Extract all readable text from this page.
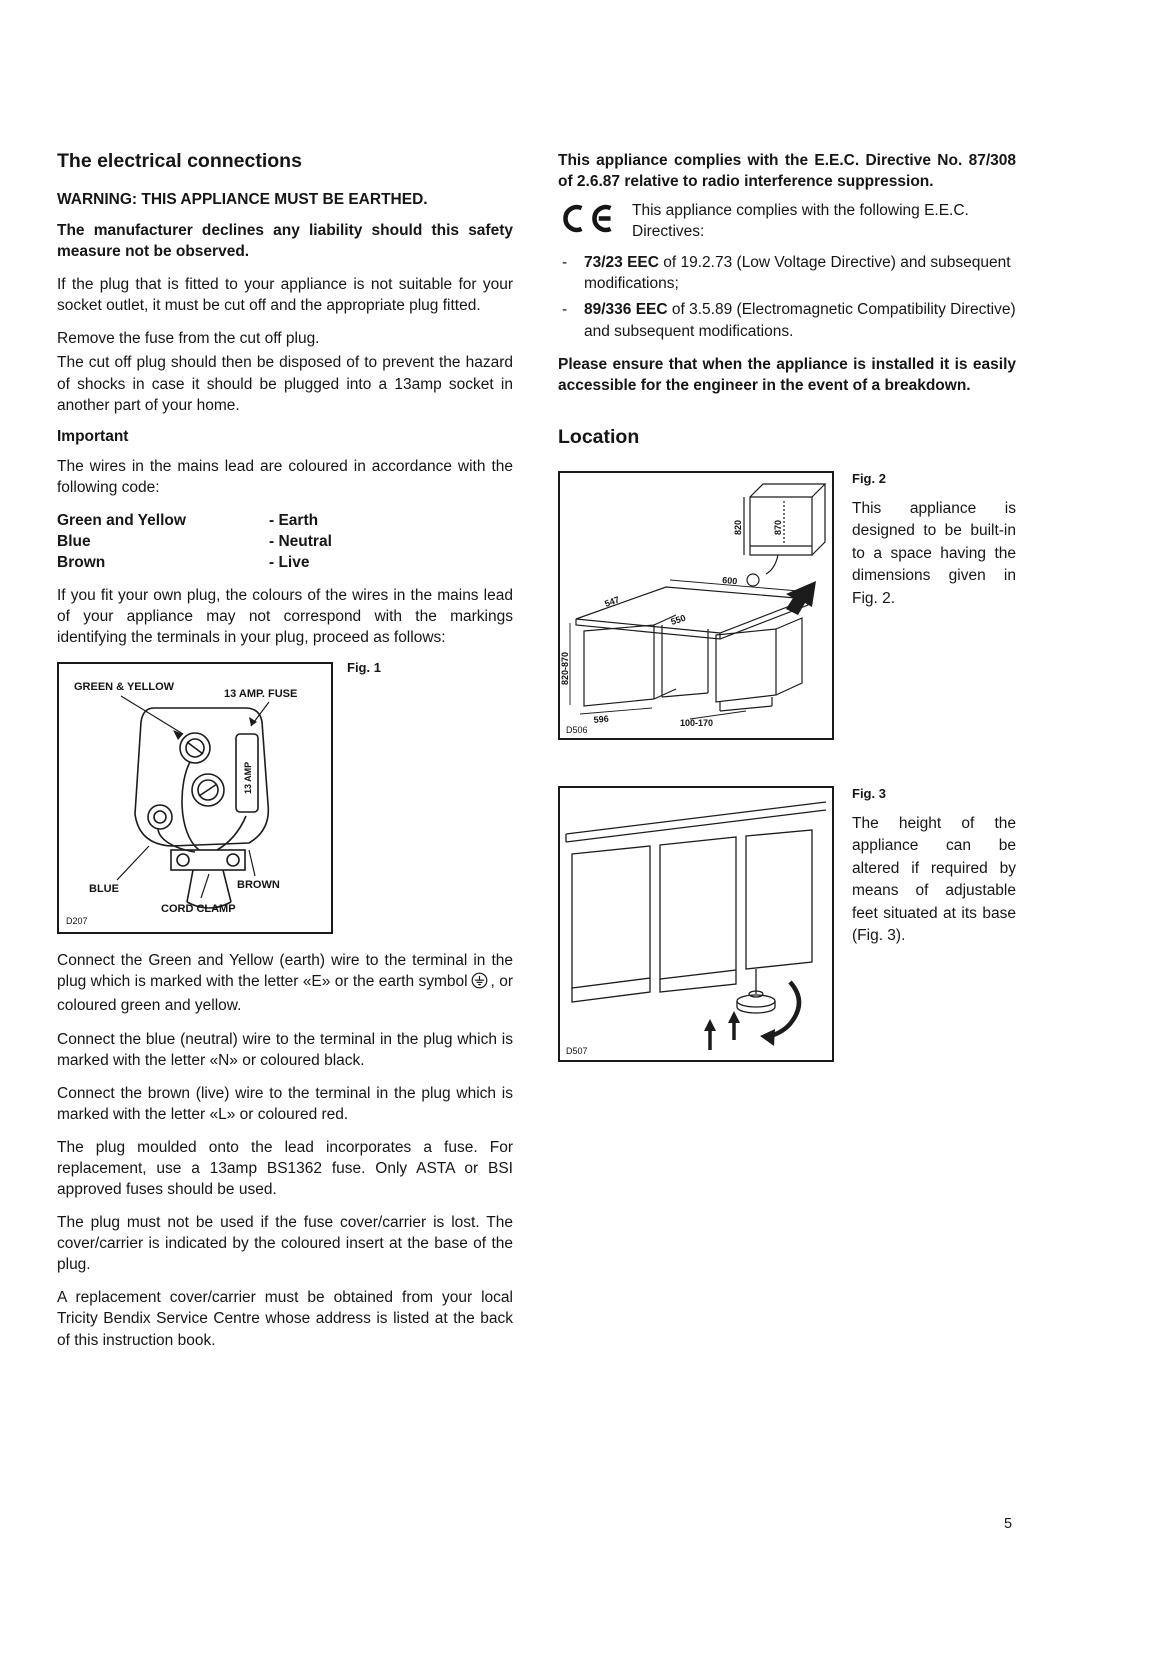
The electrical connections

WARNING: THIS APPLIANCE MUST BE EARTHED.

The manufacturer declines any liability should this safety measure not be observed.

If the plug that is fitted to your appliance is not suitable for your socket outlet, it must be cut off and the appropriate plug fitted.

Remove the fuse from the cut off plug.

The cut off plug should then be disposed of to prevent the hazard of shocks in case it should be plugged into a 13amp socket in another part of your home.

Important

The wires in the mains lead are coloured in accordance with the following code:

Green and Yellow	- Earth
Blue	- Neutral
Brown	- Live

If you fit your own plug, the colours of the wires in the mains lead of your appliance may not correspond with the markings identifying the terminals in your plug, proceed as follows:

Fig. 1
GREEN & YELLOW
13 AMP. FUSE
13 AMP
BLUE	BROWN
CORD CLAMP
D207

Connect the Green and Yellow (earth) wire to the terminal in the plug which is marked with the letter «E» or the earth symbol , or coloured green and yellow.

Connect the blue (neutral) wire to the terminal in the plug which is marked with the letter «N» or coloured black.

Connect the brown (live) wire to the terminal in the plug which is marked with the letter «L» or coloured red.

The plug moulded onto the lead incorporates a fuse. For replacement, use a 13amp BS1362 fuse. Only ASTA or BSI approved fuses should be used.

The plug must not be used if the fuse cover/carrier is lost. The cover/carrier is indicated by the coloured insert at the base of the plug.

A replacement cover/carrier must be obtained from your local Tricity Bendix Service Centre whose address is listed at the back of this instruction book.

This appliance complies with the E.E.C. Directive No. 87/308 of 2.6.87 relative to radio interference suppression.

This appliance complies with the following E.E.C. Directives:
- 73/23 EEC of 19.2.73 (Low Voltage Directive) and subsequent modifications;
- 89/336 EEC of 3.5.89 (Electromagnetic Compatibility Directive) and subsequent modifications.

Please ensure that when the appliance is installed it is easily accessible for the engineer in the event of a breakdown.

Location
820	870
600
547
550
820-870
596	100-170
D506
Fig. 2

This appliance is designed to be built-in to a space having the dimensions given in Fig. 2.

D507
Fig. 3

The height of the appliance can be altered if required by means of adjustable feet situated at its base (Fig. 3).

5
